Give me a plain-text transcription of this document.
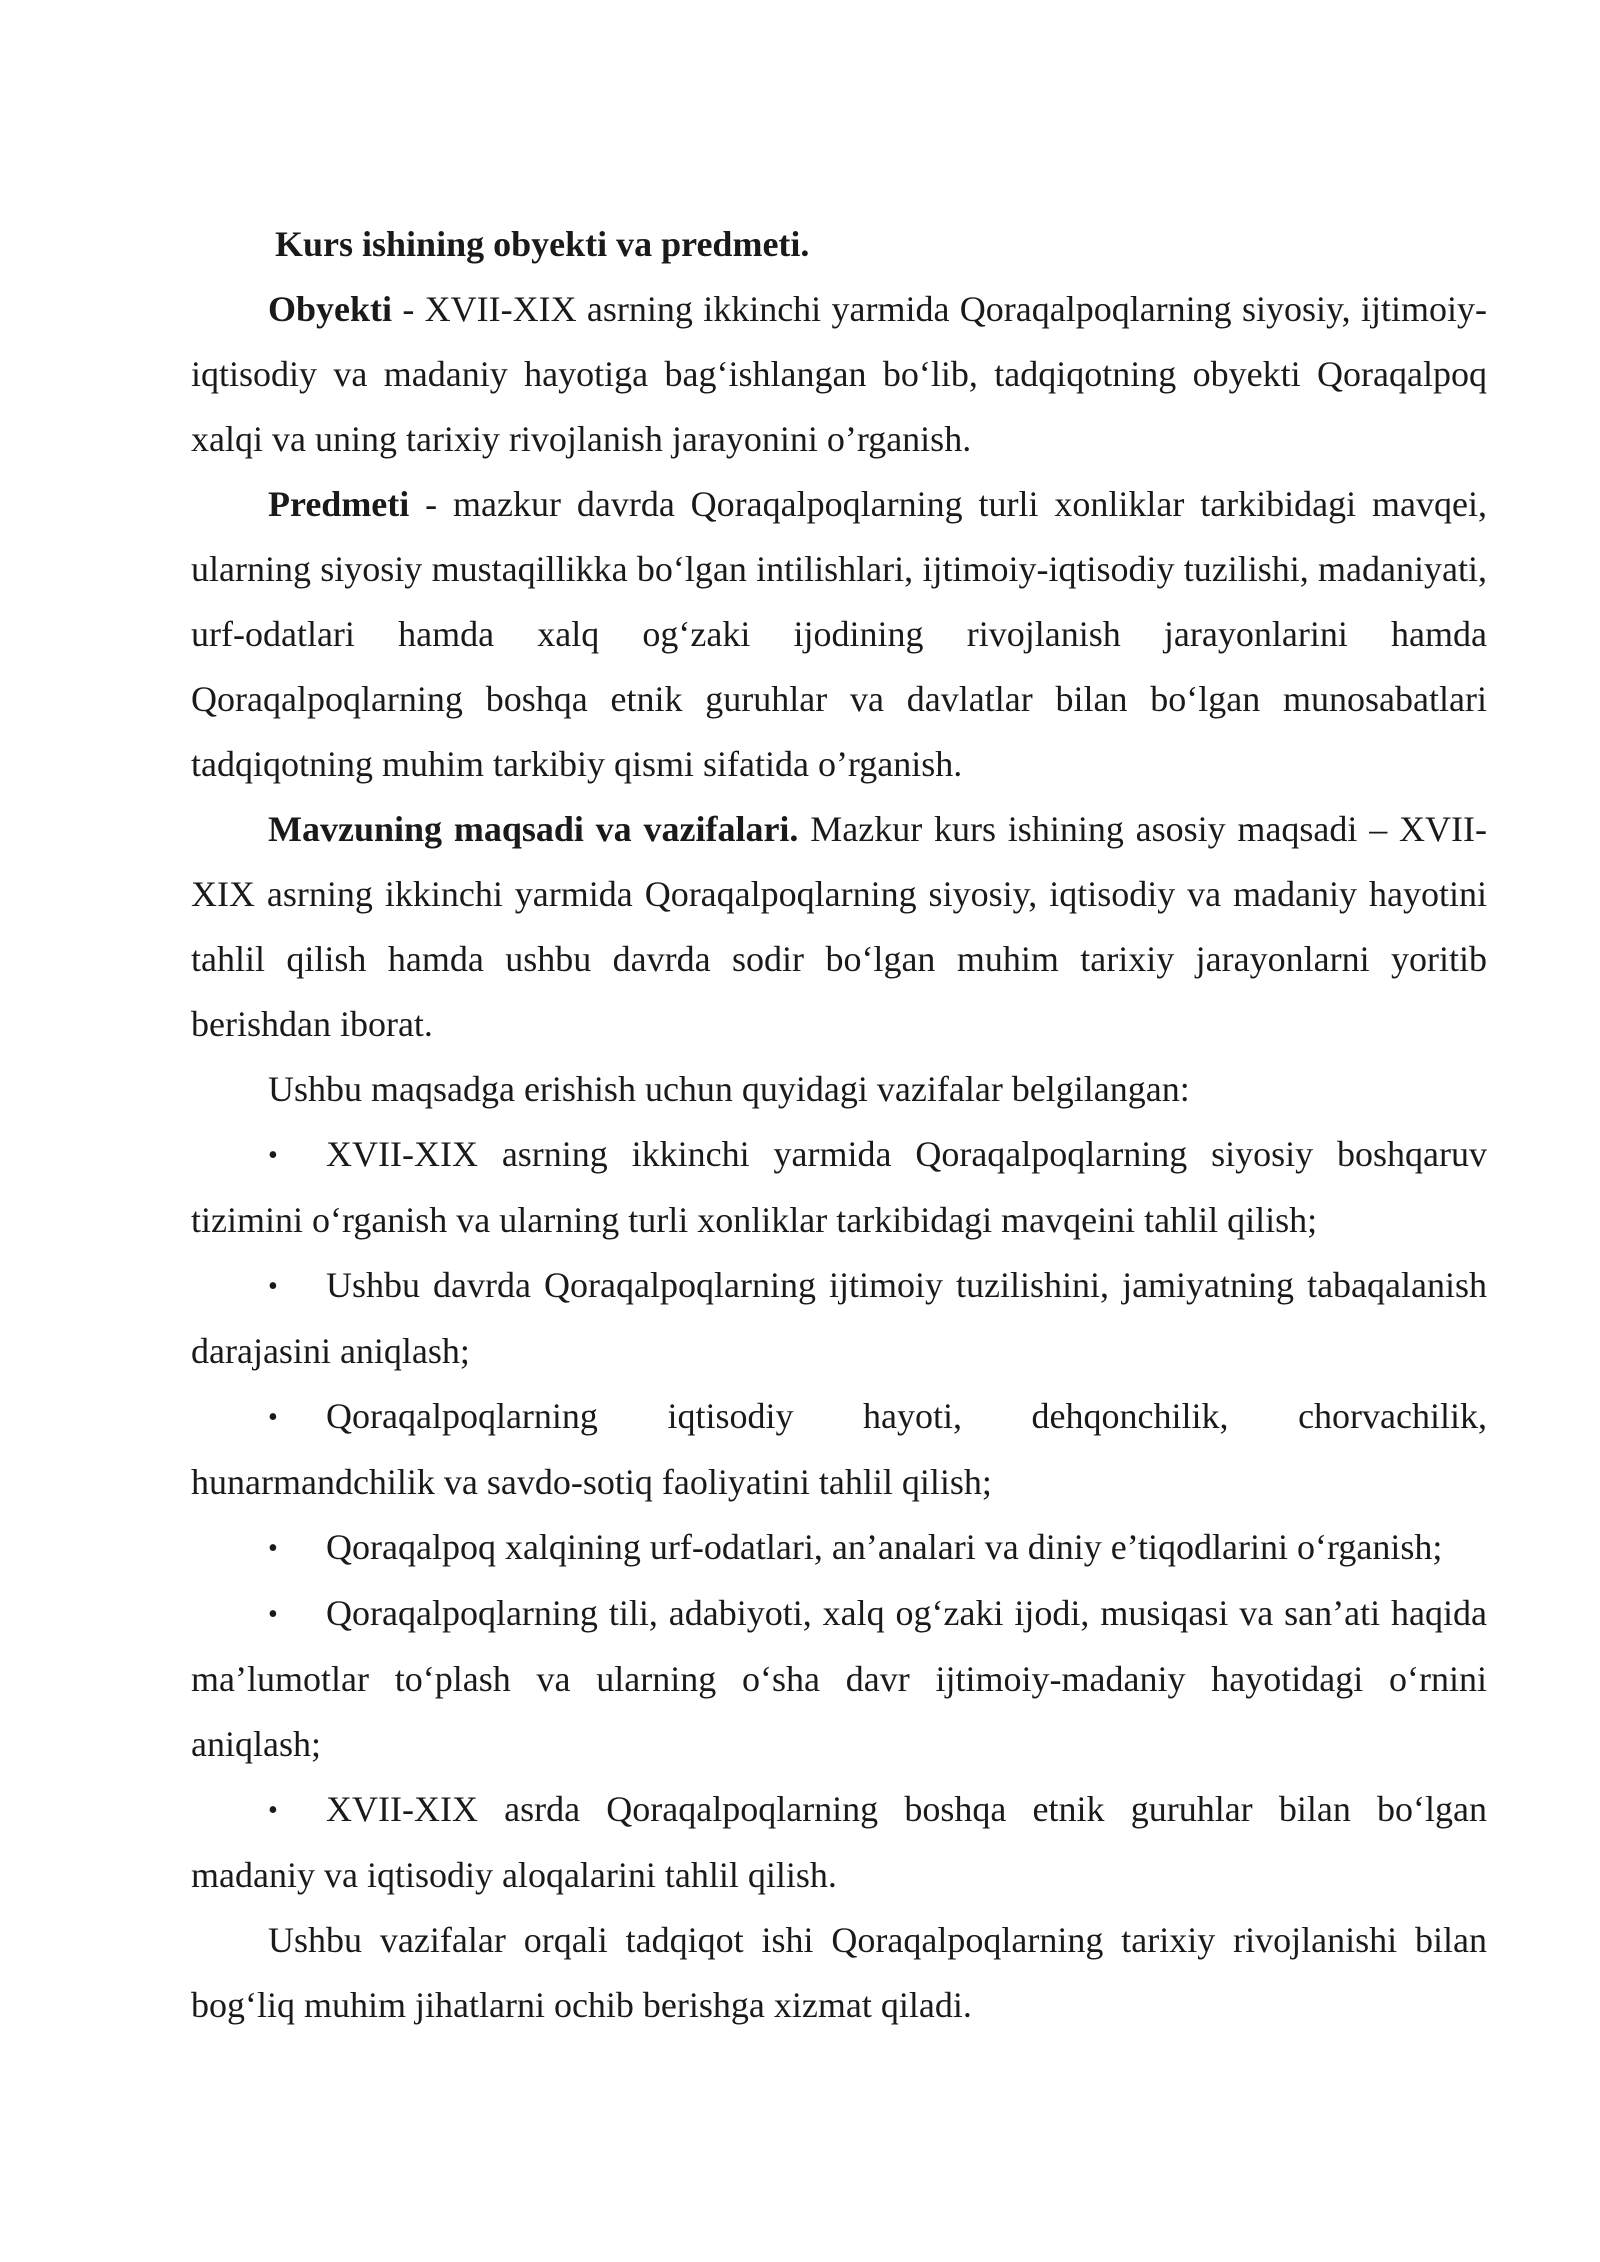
Kurs ishining obyekti va predmeti.

Obyekti - XVII-XIX asrning ikkinchi yarmida Qoraqalpoqlarning siyosiy, ijtimoiy-iqtisodiy va madaniy hayotiga bag‘ishlangan bo‘lib, tadqiqotning obyekti Qoraqalpoq xalqi va uning tarixiy rivojlanish jarayonini o’rganish.

Predmeti - mazkur davrda Qoraqalpoqlarning turli xonliklar tarkibidagi mavqei, ularning siyosiy mustaqillikka bo‘lgan intilishlari, ijtimoiy-iqtisodiy tuzilishi, madaniyati, urf-odatlari hamda xalq og‘zaki ijodining rivojlanish jarayonlarini hamda Qoraqalpoqlarning boshqa etnik guruhlar va davlatlar bilan bo‘lgan munosabatlari tadqiqotning muhim tarkibiy qismi sifatida o’rganish.

Mavzuning maqsadi va vazifalari. Mazkur kurs ishining asosiy maqsadi – XVII-XIX asrning ikkinchi yarmida Qoraqalpoqlarning siyosiy, iqtisodiy va madaniy hayotini tahlil qilish hamda ushbu davrda sodir bo‘lgan muhim tarixiy jarayonlarni yoritib berishdan iborat.

Ushbu maqsadga erishish uchun quyidagi vazifalar belgilangan:

• XVII-XIX asrning ikkinchi yarmida Qoraqalpoqlarning siyosiy boshqaruv tizimini o‘rganish va ularning turli xonliklar tarkibidagi mavqeini tahlil qilish;

• Ushbu davrda Qoraqalpoqlarning ijtimoiy tuzilishini, jamiyatning tabaqalanish darajasini aniqlash;

• Qoraqalpoqlarning iqtisodiy hayoti, dehqonchilik, chorvachilik, hunarmandchilik va savdo-sotiq faoliyatini tahlil qilish;

• Qoraqalpoq xalqining urf-odatlari, an’analari va diniy e’tiqodlarini o‘rganish;

• Qoraqalpoqlarning tili, adabiyoti, xalq og‘zaki ijodi, musiqasi va san’ati haqida ma’lumotlar to‘plash va ularning o‘sha davr ijtimoiy-madaniy hayotidagi o‘rnini aniqlash;

• XVII-XIX asrda Qoraqalpoqlarning boshqa etnik guruhlar bilan bo‘lgan madaniy va iqtisodiy aloqalarini tahlil qilish.

Ushbu vazifalar orqali tadqiqot ishi Qoraqalpoqlarning tarixiy rivojlanishi bilan bog‘liq muhim jihatlarni ochib berishga xizmat qiladi.
